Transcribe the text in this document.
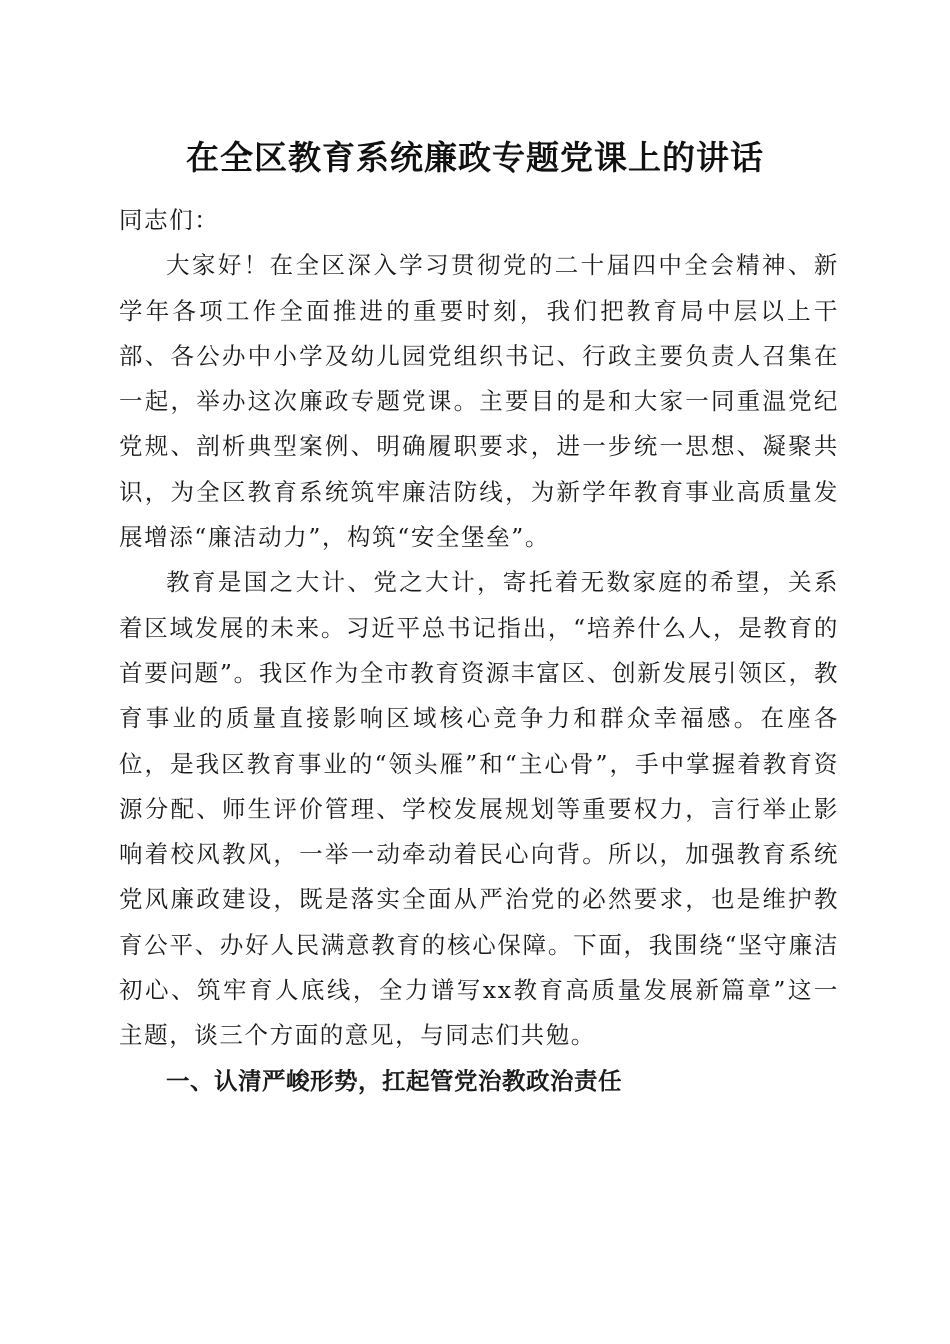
在全区教育系统廉政专题党课上的讲话

同志们：

大家好！在全区深入学习贯彻党的二十届四中全会精神、新学年各项工作全面推进的重要时刻，我们把教育局中层以上干部、各公办中小学及幼儿园党组织书记、行政主要负责人召集在一起，举办这次廉政专题党课。主要目的是和大家一同重温党纪党规、剖析典型案例、明确履职要求，进一步统一思想、凝聚共识，为全区教育系统筑牢廉洁防线，为新学年教育事业高质量发展增添“廉洁动力”，构筑“安全堡垒”。

教育是国之大计、党之大计，寄托着无数家庭的希望，关系着区域发展的未来。习近平总书记指出，“培养什么人，是教育的首要问题”。我区作为全市教育资源丰富区、创新发展引领区，教育事业的质量直接影响区域核心竞争力和群众幸福感。在座各位，是我区教育事业的“领头雁”和“主心骨”，手中掌握着教育资源分配、师生评价管理、学校发展规划等重要权力，言行举止影响着校风教风，一举一动牵动着民心向背。所以，加强教育系统党风廉政建设，既是落实全面从严治党的必然要求，也是维护教育公平、办好人民满意教育的核心保障。下面，我围绕“坚守廉洁初心、筑牢育人底线，全力谱写xx教育高质量发展新篇章”这一主题，谈三个方面的意见，与同志们共勉。

一、认清严峻形势，扛起管党治教政治责任
